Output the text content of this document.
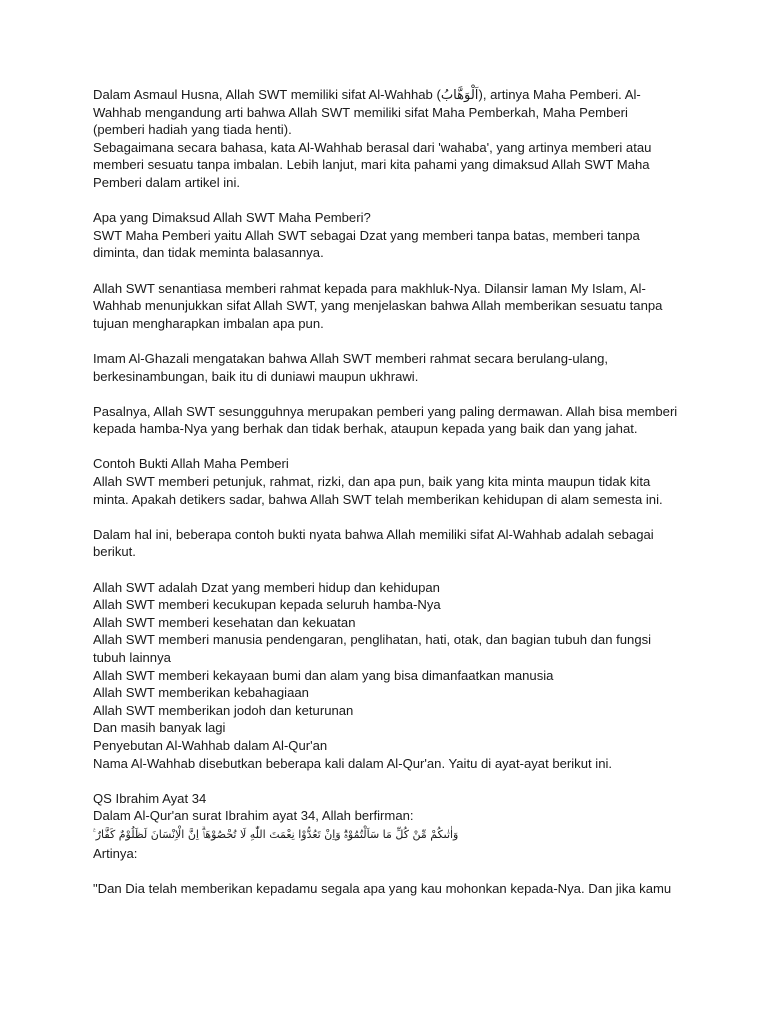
Dalam Asmaul Husna, Allah SWT memiliki sifat Al-Wahhab (اَلْوَهَّابُ), artinya Maha Pemberi. Al-Wahhab mengandung arti bahwa Allah SWT memiliki sifat Maha Pemberkah, Maha Pemberi (pemberi hadiah yang tiada henti).

Sebagaimana secara bahasa, kata Al-Wahhab berasal dari 'wahaba', yang artinya memberi atau memberi sesuatu tanpa imbalan. Lebih lanjut, mari kita pahami yang dimaksud Allah SWT Maha Pemberi dalam artikel ini.

Apa yang Dimaksud Allah SWT Maha Pemberi?

SWT Maha Pemberi yaitu Allah SWT sebagai Dzat yang memberi tanpa batas, memberi tanpa diminta, dan tidak meminta balasannya.

Allah SWT senantiasa memberi rahmat kepada para makhluk-Nya. Dilansir laman My Islam, Al-Wahhab menunjukkan sifat Allah SWT, yang menjelaskan bahwa Allah memberikan sesuatu tanpa tujuan mengharapkan imbalan apa pun.

Imam Al-Ghazali mengatakan bahwa Allah SWT memberi rahmat secara berulang-ulang, berkesinambungan, baik itu di duniawi maupun ukhrawi.

Pasalnya, Allah SWT sesungguhnya merupakan pemberi yang paling dermawan. Allah bisa memberi kepada hamba-Nya yang berhak dan tidak berhak, ataupun kepada yang baik dan yang jahat.

Contoh Bukti Allah Maha Pemberi

Allah SWT memberi petunjuk, rahmat, rizki, dan apa pun, baik yang kita minta maupun tidak kita minta. Apakah detikers sadar, bahwa Allah SWT telah memberikan kehidupan di alam semesta ini.

Dalam hal ini, beberapa contoh bukti nyata bahwa Allah memiliki sifat Al-Wahhab adalah sebagai berikut.

Allah SWT adalah Dzat yang memberi hidup dan kehidupan

Allah SWT memberi kecukupan kepada seluruh hamba-Nya

Allah SWT memberi kesehatan dan kekuatan

Allah SWT memberi manusia pendengaran, penglihatan, hati, otak, dan bagian tubuh dan fungsi tubuh lainnya

Allah SWT memberi kekayaan bumi dan alam yang bisa dimanfaatkan manusia

Allah SWT memberikan kebahagiaan

Allah SWT memberikan jodoh dan keturunan

Dan masih banyak lagi

Penyebutan Al-Wahhab dalam Al-Qur'an

Nama Al-Wahhab disebutkan beberapa kali dalam Al-Qur'an. Yaitu di ayat-ayat berikut ini.

QS Ibrahim Ayat 34

Dalam Al-Qur'an surat Ibrahim ayat 34, Allah berfirman:

وَاٰتٰىكُمْ مِّنْ كُلِّ مَا سَاَلْتُمُوْهُۗ وَاِنْ تَعُدُّوْا نِعْمَتَ اللّٰهِ لَا تُحْصُوْهَاۗ اِنَّ الْاِنْسَانَ لَظَلُوْمٌ كَفَّارٌ ࣖ

Artinya:

"Dan Dia telah memberikan kepadamu segala apa yang kau mohonkan kepada-Nya. Dan jika kamu
